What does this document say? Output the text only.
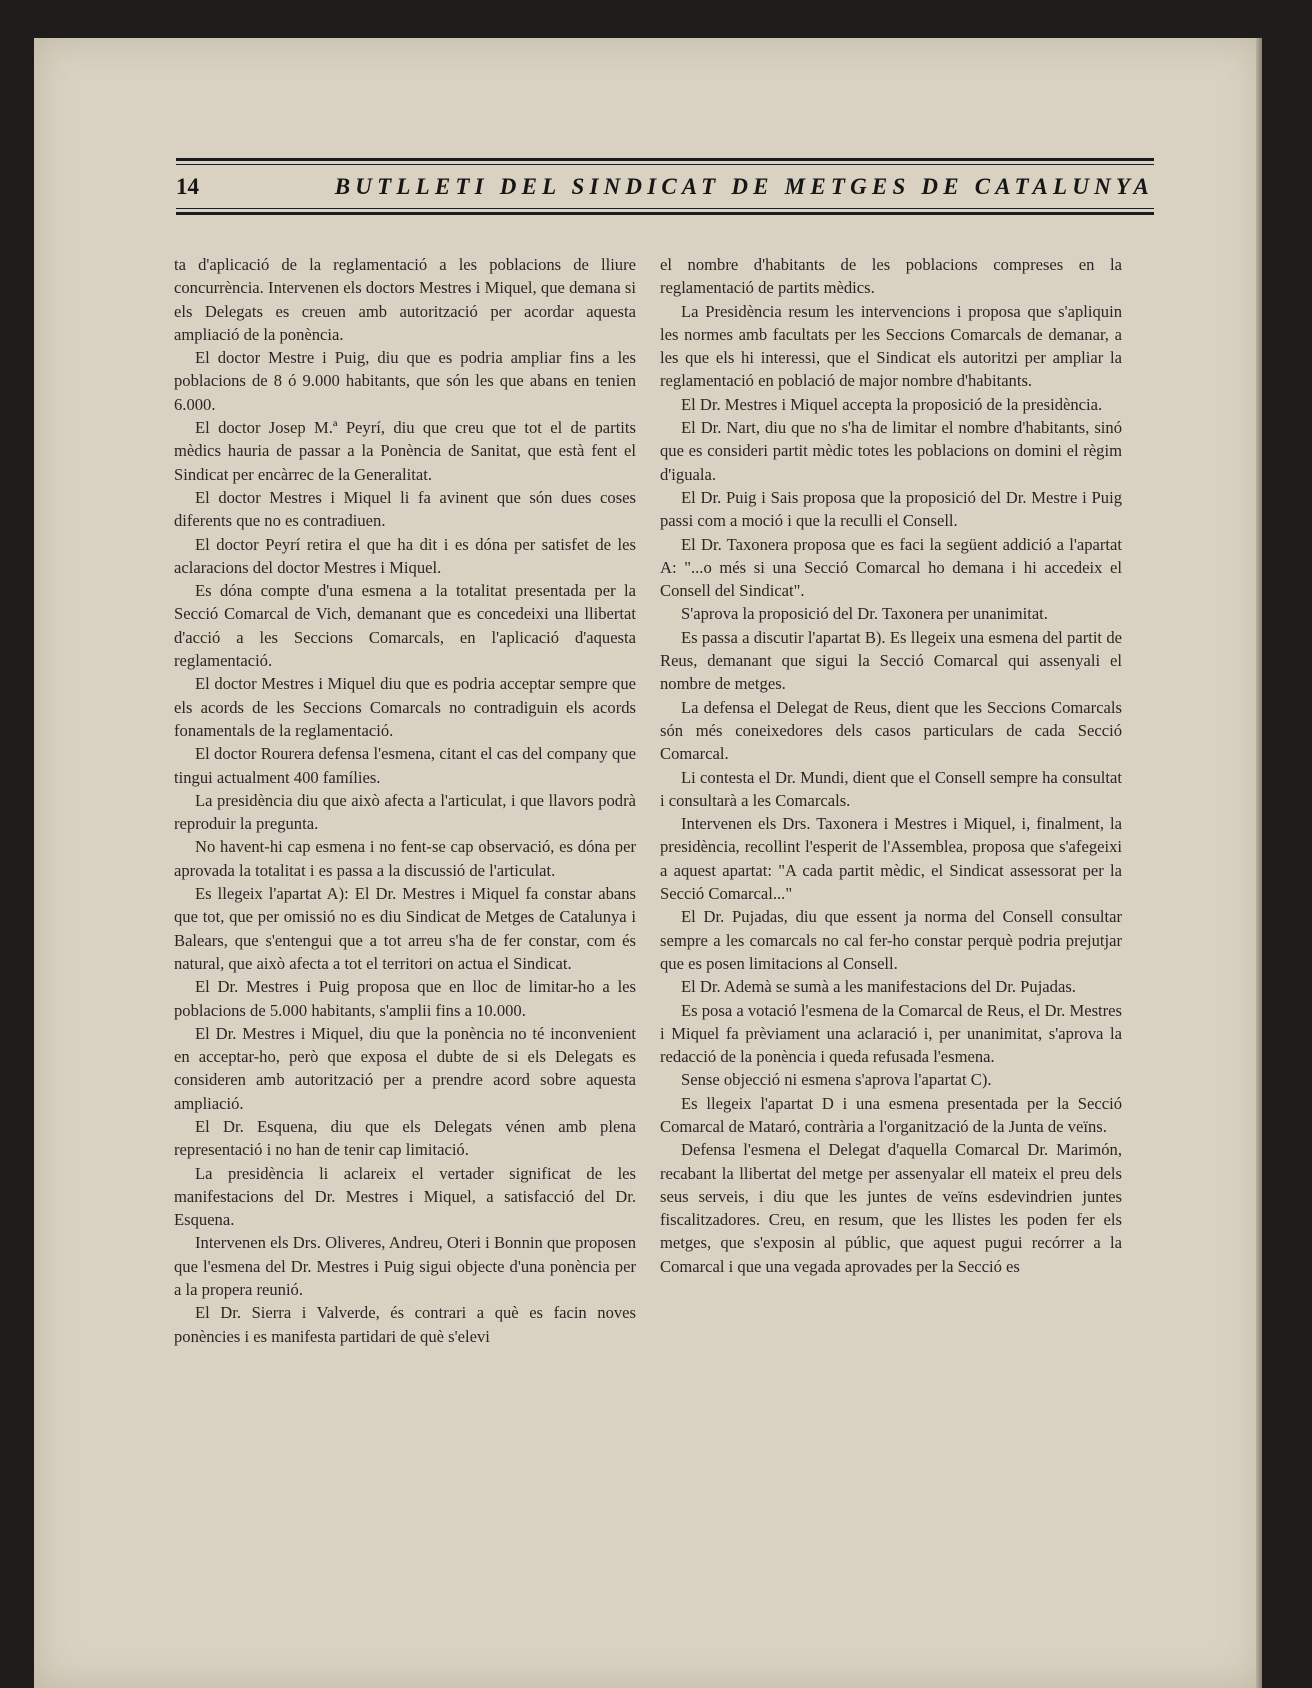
14	BUTLLETI DEL SINDICAT DE METGES DE CATALUNYA

ta d'aplicació de la reglamentació a les poblacions de lliure concurrència. Intervenen els doctors Mestres i Miquel, que demana si els Delegats es creuen amb autorització per acordar aquesta ampliació de la ponència.

El doctor Mestre i Puig, diu que es podria ampliar fins a les poblacions de 8 ó 9.000 habitants, que són les que abans en tenien 6.000.

El doctor Josep M.ª Peyrí, diu que creu que tot el de partits mèdics hauria de passar a la Ponència de Sanitat, que està fent el Sindicat per encàrrec de la Generalitat.

El doctor Mestres i Miquel li fa avinent que són dues coses diferents que no es contradiuen.

El doctor Peyrí retira el que ha dit i es dóna per satisfet de les aclaracions del doctor Mestres i Miquel.

Es dóna compte d'una esmena a la totalitat presentada per la Secció Comarcal de Vich, demanant que es concedeixi una llibertat d'acció a les Seccions Comarcals, en l'aplicació d'aquesta reglamentació.

El doctor Mestres i Miquel diu que es podria acceptar sempre que els acords de les Seccions Comarcals no contradiguin els acords fonamentals de la reglamentació.

El doctor Rourera defensa l'esmena, citant el cas del company que tingui actualment 400 famílies.

La presidència diu que això afecta a l'articulat, i que llavors podrà reproduir la pregunta.

No havent-hi cap esmena i no fent-se cap observació, es dóna per aprovada la totalitat i es passa a la discussió de l'articulat.

Es llegeix l'apartat A): El Dr. Mestres i Miquel fa constar abans que tot, que per omissió no es diu Sindicat de Metges de Catalunya i Balears, que s'entengui que a tot arreu s'ha de fer constar, com és natural, que això afecta a tot el territori on actua el Sindicat.

El Dr. Mestres i Puig proposa que en lloc de limitar-ho a les poblacions de 5.000 habitants, s'amplii fins a 10.000.

El Dr. Mestres i Miquel, diu que la ponència no té inconvenient en acceptar-ho, però que exposa el dubte de si els Delegats es consideren amb autorització per a prendre acord sobre aquesta ampliació.

El Dr. Esquena, diu que els Delegats vénen amb plena representació i no han de tenir cap limitació.

La presidència li aclareix el vertader significat de les manifestacions del Dr. Mestres i Miquel, a satisfacció del Dr. Esquena.

Intervenen els Drs. Oliveres, Andreu, Oteri i Bonnin que proposen que l'esmena del Dr. Mestres i Puig sigui objecte d'una ponència per a la propera reunió.

El Dr. Sierra i Valverde, és contrari a què es facin noves ponències i es manifesta partidari de què s'elevi

el nombre d'habitants de les poblacions compreses en la reglamentació de partits mèdics.

La Presidència resum les intervencions i proposa que s'apliquin les normes amb facultats per les Seccions Comarcals de demanar, a les que els hi interessi, que el Sindicat els autoritzi per ampliar la reglamentació en població de major nombre d'habitants.

El Dr. Mestres i Miquel accepta la proposició de la presidència.

El Dr. Nart, diu que no s'ha de limitar el nombre d'habitants, sinó que es consideri partit mèdic totes les poblacions on domini el règim d'iguala.

El Dr. Puig i Sais proposa que la proposició del Dr. Mestre i Puig passi com a moció i que la reculli el Consell.

El Dr. Taxonera proposa que es faci la següent addició a l'apartat A: "...o més si una Secció Comarcal ho demana i hi accedeix el Consell del Sindicat".

S'aprova la proposició del Dr. Taxonera per unanimitat.

Es passa a discutir l'apartat B). Es llegeix una esmena del partit de Reus, demanant que sigui la Secció Comarcal qui assenyali el nombre de metges.

La defensa el Delegat de Reus, dient que les Seccions Comarcals són més coneixedores dels casos particulars de cada Secció Comarcal.

Li contesta el Dr. Mundi, dient que el Consell sempre ha consultat i consultarà a les Comarcals.

Intervenen els Drs. Taxonera i Mestres i Miquel, i, finalment, la presidència, recollint l'esperit de l'Assemblea, proposa que s'afegeixi a aquest apartat: "A cada partit mèdic, el Sindicat assessorat per la Secció Comarcal..."

El Dr. Pujadas, diu que essent ja norma del Consell consultar sempre a les comarcals no cal fer-ho constar perquè podria prejutjar que es posen limitacions al Consell.

El Dr. Ademà se sumà a les manifestacions del Dr. Pujadas.

Es posa a votació l'esmena de la Comarcal de Reus, el Dr. Mestres i Miquel fa prèviament una aclaració i, per unanimitat, s'aprova la redacció de la ponència i queda refusada l'esmena.

Sense objecció ni esmena s'aprova l'apartat C).

Es llegeix l'apartat D i una esmena presentada per la Secció Comarcal de Mataró, contrària a l'organització de la Junta de veïns.

Defensa l'esmena el Delegat d'aquella Comarcal Dr. Marimón, recabant la llibertat del metge per assenyalar ell mateix el preu dels seus serveis, i diu que les juntes de veïns esdevindrien juntes fiscalitzadores. Creu, en resum, que les llistes les poden fer els metges, que s'exposin al públic, que aquest pugui recórrer a la Comarcal i que una vegada aprovades per la Secció es
